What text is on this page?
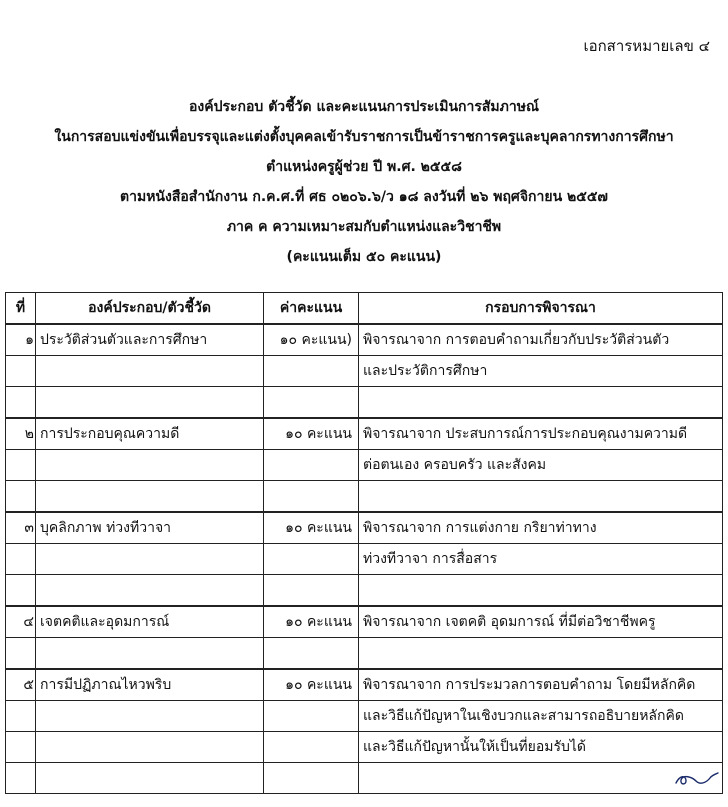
เอกสารหมายเลข ๔
องค์ประกอบ ตัวชี้วัด และคะแนนการประเมินการสัมภาษณ์
ในการสอบแข่งขันเพื่อบรรจุและแต่งตั้งบุคคลเข้ารับราชการเป็นข้าราชการครูและบุคลากรทางการศึกษา
ตำแหน่งครูผู้ช่วย ปี พ.ศ. ๒๕๕๘
ตามหนังสือสำนักงาน ก.ค.ศ.ที่ ศธ ๐๒๐๖.๖/ว ๑๘ ลงวันที่ ๒๖ พฤศจิกายน ๒๕๕๗
ภาค ค ความเหมาะสมกับตำแหน่งและวิชาชีพ
(คะแนนเต็ม ๕๐ คะแนน)
ที่	องค์ประกอบ/ตัวชี้วัด	ค่าคะแนน	กรอบการพิจารณา
๑	ประวัติส่วนตัวและการศึกษา	๑๐ คะแนน)	พิจารณาจาก การตอบคำถามเกี่ยวกับประวัติส่วนตัว
			และประวัติการศึกษา

๒	การประกอบคุณความดี	๑๐ คะแนน	พิจารณาจาก ประสบการณ์การประกอบคุณงามความดี
			ต่อตนเอง ครอบครัว และสังคม

๓	บุคลิกภาพ ท่วงทีวาจา	๑๐ คะแนน	พิจารณาจาก การแต่งกาย กริยาท่าทาง
			ท่วงทีวาจา การสื่อสาร

๔	เจตคติและอุดมการณ์	๑๐ คะแนน	พิจารณาจาก เจตคติ อุดมการณ์ ที่มีต่อวิชาชีพครู

๕	การมีปฏิภาณไหวพริบ	๑๐ คะแนน	พิจารณาจาก การประมวลการตอบคำถาม โดยมีหลักคิด
			และวิธีแก้ปัญหาในเชิงบวกและสามารถอธิบายหลักคิด
			และวิธีแก้ปัญหานั้นให้เป็นที่ยอมรับได้
